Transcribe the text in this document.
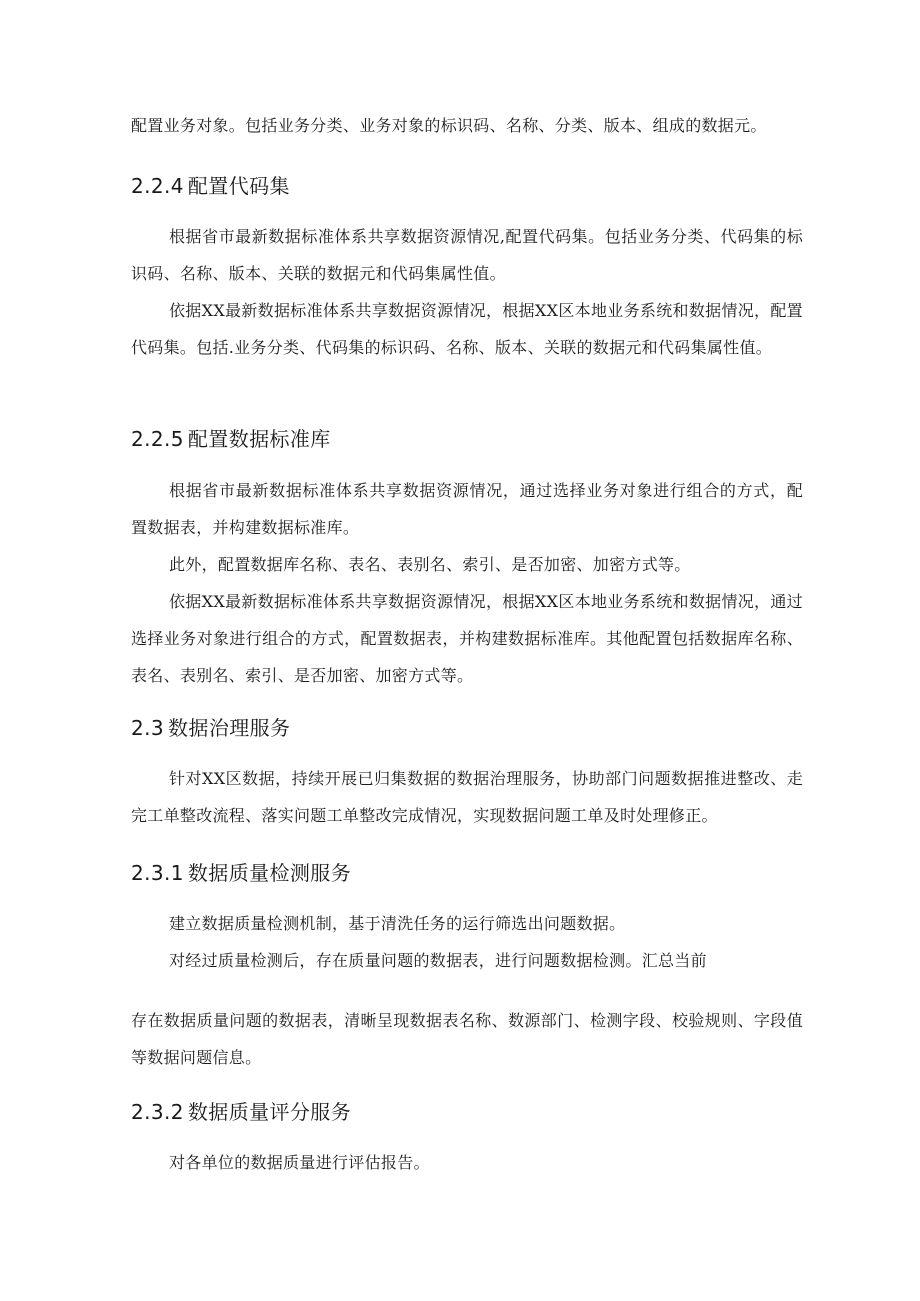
配置业务对象。包括业务分类、业务对象的标识码、名称、分类、版本、组成的数据元。

2.2.4 配置代码集

根据省市最新数据标准体系共享数据资源情况,配置代码集。包括业务分类、代码集的标识码、名称、版本、关联的数据元和代码集属性值。

依据XX最新数据标准体系共享数据资源情况，根据XX区本地业务系统和数据情况，配置代码集。包括.业务分类、代码集的标识码、名称、版本、关联的数据元和代码集属性值。

2.2.5 配置数据标准库

根据省市最新数据标准体系共享数据资源情况，通过选择业务对象进行组合的方式，配置数据表，并构建数据标准库。

此外，配置数据库名称、表名、表别名、索引、是否加密、加密方式等。

依据XX最新数据标准体系共享数据资源情况，根据XX区本地业务系统和数据情况，通过选择业务对象进行组合的方式，配置数据表，并构建数据标准库。其他配置包括数据库名称、表名、表别名、索引、是否加密、加密方式等。

2.3 数据治理服务

针对XX区数据，持续开展已归集数据的数据治理服务，协助部门问题数据推进整改、走完工单整改流程、落实问题工单整改完成情况，实现数据问题工单及时处理修正。

2.3.1 数据质量检测服务

建立数据质量检测机制，基于清洗任务的运行筛选出问题数据。

对经过质量检测后，存在质量问题的数据表，进行问题数据检测。汇总当前

存在数据质量问题的数据表，清晰呈现数据表名称、数源部门、检测字段、校验规则、字段值等数据问题信息。

2.3.2 数据质量评分服务

对各单位的数据质量进行评估报告。
